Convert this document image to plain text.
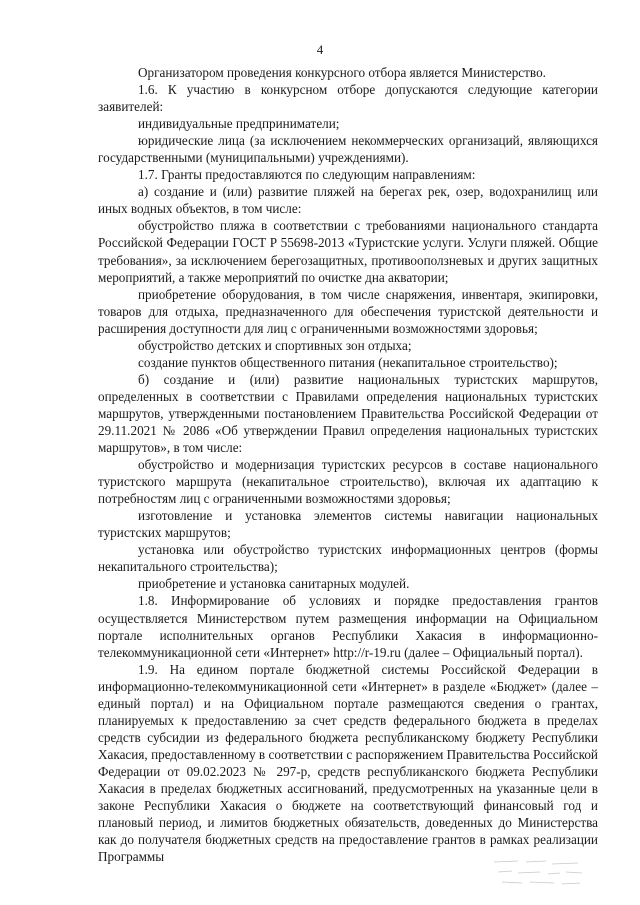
4

Организатором проведения конкурсного отбора является Министерство.

1.6. К участию в конкурсном отборе допускаются следующие категории заявителей:

индивидуальные предприниматели;

юридические лица (за исключением некоммерческих организаций, являющихся государственными (муниципальными) учреждениями).

1.7. Гранты предоставляются по следующим направлениям:

а) создание и (или) развитие пляжей на берегах рек, озер, водохранилищ или иных водных объектов, в том числе:

обустройство пляжа в соответствии с требованиями национального стандарта Российской Федерации ГОСТ Р 55698-2013 «Туристские услуги. Услуги пляжей. Общие требования», за исключением берегозащитных, противооползневых и других защитных мероприятий, а также мероприятий по очистке дна акватории;

приобретение оборудования, в том числе снаряжения, инвентаря, экипировки, товаров для отдыха, предназначенного для обеспечения туристской деятельности и расширения доступности для лиц с ограниченными возможностями здоровья;

обустройство детских и спортивных зон отдыха;

создание пунктов общественного питания (некапитальное строительство);

б) создание и (или) развитие национальных туристских маршрутов, определенных в соответствии с Правилами определения национальных туристских маршрутов, утвержденными постановлением Правительства Российской Федерации от 29.11.2021 № 2086 «Об утверждении Правил определения национальных туристских маршрутов», в том числе:

обустройство и модернизация туристских ресурсов в составе национального туристского маршрута (некапитальное строительство), включая их адаптацию к потребностям лиц с ограниченными возможностями здоровья;

изготовление и установка элементов системы навигации национальных туристских маршрутов;

установка или обустройство туристских информационных центров (формы некапитального строительства);

приобретение и установка санитарных модулей.

1.8. Информирование об условиях и порядке предоставления грантов осуществляется Министерством путем размещения информации на Официальном портале исполнительных органов Республики Хакасия в информационно-телекоммуникационной сети «Интернет» http://r-19.ru (далее – Официальный портал).

1.9. На едином портале бюджетной системы Российской Федерации в информационно-телекоммуникационной сети «Интернет» в разделе «Бюджет» (далее – единый портал) и на Официальном портале размещаются сведения о грантах, планируемых к предоставлению за счет средств федерального бюджета в пределах средств субсидии из федерального бюджета республиканскому бюджету Республики Хакасия, предоставленному в соответствии с распоряжением Правительства Российской Федерации от 09.02.2023 № 297-р, средств республиканского бюджета Республики Хакасия в пределах бюджетных ассигнований, предусмотренных на указанные цели в законе Республики Хакасия о бюджете на соответствующий финансовый год и плановый период, и лимитов бюджетных обязательств, доведенных до Министерства как до получателя бюджетных средств на предоставление грантов в рамках реализации Программы
